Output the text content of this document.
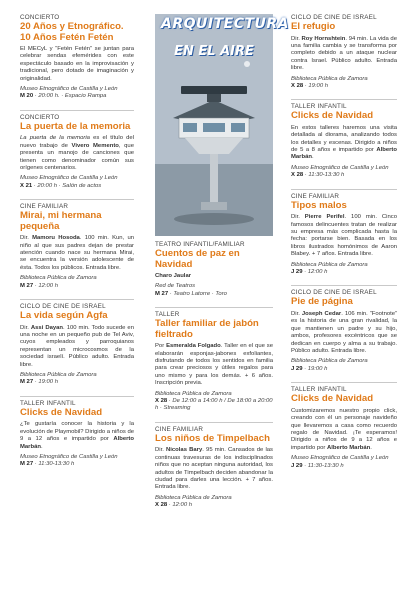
CONCIERTO
20 Años y Etnográfico. 10 Años Fetén Fetén
El MECyL y “Fetén Fetén” se juntan para celebrar sendas efemérides con este espectáculo basado en la improvisación y tradicional, pero dotado de imaginación y originalidad.
Museo Etnográfico de Castilla y León
M 20 · 20:00 h. · Espacio Rampa
CONCIERTO
La puerta de la memoria
La puerta de la memoria es el título del nuevo trabajo de Vivero Memento, que presenta un manojo de canciones que tienen como denominador común sus orígenes centenarios.
Museo Etnográfico de Castilla y León
X 21 · 20:00 h · Salón de actos
CINE FAMILIAR
Mirai, mi hermana pequeña
Dir. Mamoru Hosoda. 100 min. Kun, un niño al que sus padres dejan de prestar atención cuando nace su hermana Mirai, se encuentra la versión adolescente de ésta. Todos los públicos. Entrada libre.
Biblioteca Pública de Zamora
M 27 · 12:00 h
CICLO DE CINE DE ISRAEL
La vida según Agfa
Dir. Assi Dayan. 100 min. Todo sucede en una noche en un pequeño pub de Tel Aviv, cuyos empleados y parroquianos representan un microcosmos de la sociedad israelí. Público adulto. Entrada libre.
Biblioteca Pública de Zamora
M 27 · 19:00 h
TALLER INFANTIL
Clicks de Navidad
¿Te gustaría conocer la historia y la evolución de Playmobil? Dirigido a niños de 9 a 12 años e impartido por Alberto Marbán.
Museo Etnográfico de Castilla y León
M 27 · 11:30-13:30 h
ARQUITECTURA
EN EL AIRE
TEATRO INFANTIL/FAMILIAR
Cuentos de paz en Navidad
Charo Jaular
Red de Teatros
M 27 · Teatro Latorre · Toro
TALLER
Taller familiar de jabón fieltrado
Por Esmeralda Folgado. Taller en el que se elaborarán esponjas-jabones exfoliantes, disfrutando de todos los sentidos en familia para crear preciosos y útiles regalos para uno mismo y para los demás. + 6 años. Inscripción previa.
Biblioteca Pública de Zamora
X 28 · De 12:00 a 14:00 h / De 18:00 a 20:00 h · Streaming
CINE FAMILIAR
Los niños de Timpelbach
Dir. Nicolas Bary. 95 min. Cansados de las continuas travesuras de los indisciplinados niños que no aceptan ninguna autoridad, los adultos de Timpelbach deciden abandonar la ciudad para darles una lección. + 7 años. Entrada libre.
Biblioteca Pública de Zamora
X 28 · 12:00 h
CICLO DE CINE DE ISRAEL
El refugio
Dir. Roy Hornshtein. 94 min. La vida de una familia cambia y se transforma por completo debido a un ataque nuclear contra Israel. Público adulto. Entrada libre.
Biblioteca Pública de Zamora
X 28 · 19:00 h
TALLER INFANTIL
Clicks de Navidad
En estos talleres haremos una visita detallada al diorama, analizando todos los detalles y escenas. Dirigido a niños de 5 a 8 años e impartido por Alberto Marbán.
Museo Etnográfico de Castilla y León
X 28 · 11:30-13:30 h
CINE FAMILIAR
Tipos malos
Dir. Pierre Perifel. 100 min. Cinco famosos delincuentes tratan de realizar su empresa más complicada hasta la fecha: portarse bien. Basada en los libros ilustrados homónimos de Aaron Blabey. + 7 años. Entrada libre.
Biblioteca Pública de Zamora
J 29 · 12:00 h
CICLO DE CINE DE ISRAEL
Pie de página
Dir. Joseph Cedar. 106 min. “Footnote” es la historia de una gran rivalidad, la que mantienen un padre y su hijo, ambos, profesores excéntricos que se dedican en cuerpo y alma a su trabajo. Público adulto. Entrada libre.
Biblioteca Pública de Zamora
J 29 · 19:00 h
TALLER INFANTIL
Clicks de Navidad
Customizaremos nuestro propio click, creando con él un personaje navideño que llevaremos a casa como recuerdo regalo de Navidad. ¡Te esperamos! Dirigido a niños de 9 a 12 años e impartido por Alberto Marbán.
Museo Etnográfico de Castilla y León
J 29 · 11:30-13:30 h
